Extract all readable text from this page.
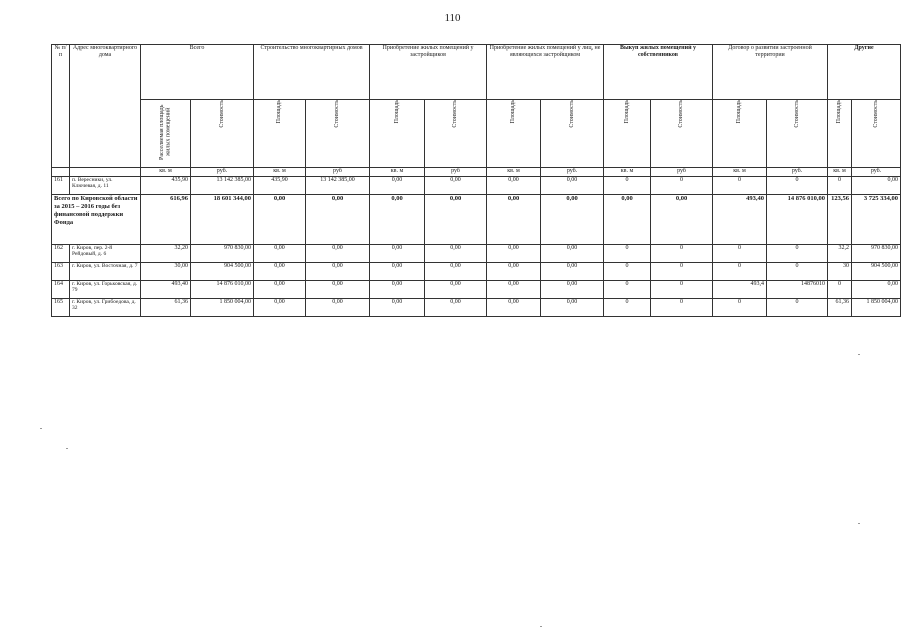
110
№ п/п	Адрес многоквартирного дома	Всего		Строительство многоквартирных домов		Приобретение жилых помещений у застройщиков		Приобретение жилых помещений у лиц, не являющихся застройщиком		Выкуп жилых помещений у собственников		Договор о развитии застроенной территории		Другие	

		Расселяемая площадь жилых помещений	Стоимость	Площадь	Стоимость	Площадь	Стоимость	Площадь	Стоимость	Площадь	Стоимость	Площадь	Стоимость	Площадь	Стоимость

		кв. м	руб.	кв. м	руб	кв. м	руб	кв. м	руб.	кв. м	руб	кв. м	руб.	кв. м	руб.
161	п. Вересники, ул. Ключевая, д. 11	435,90	13 142 385,00	435,90	13 142 385,00	0,00	0,00	0,00	0,00	0	0	0	0	0	0,00
Всего по Кировской области за 2015 – 2016 годы без финансовой поддержки Фонда		616,96	18 601 344,00	0,00	0,00	0,00	0,00	0,00	0,00	0,00	0,00	493,40	14 876 010,00	123,56	3 725 334,00
162	г. Киров, пер. 2-й Рейдовый, д. 6	32,20	970 830,00	0,00	0,00	0,00	0,00	0,00	0,00	0	0	0	0	32,2	970 830,00
163	г. Киров, ул. Восточная, д. 7	30,00	904 500,00	0,00	0,00	0,00	0,00	0,00	0,00	0	0	0	0	30	904 500,00
164	г. Киров, ул. Горьковская, д. 79	493,40	14 876 010,00	0,00	0,00	0,00	0,00	0,00	0,00	0	0	493,4	14876010	0	0,00
165	г. Киров, ул. Грибоедова, д. 32	61,36	1 850 004,00	0,00	0,00	0,00	0,00	0,00	0,00	0	0	0	0	61,36	1 850 004,00
